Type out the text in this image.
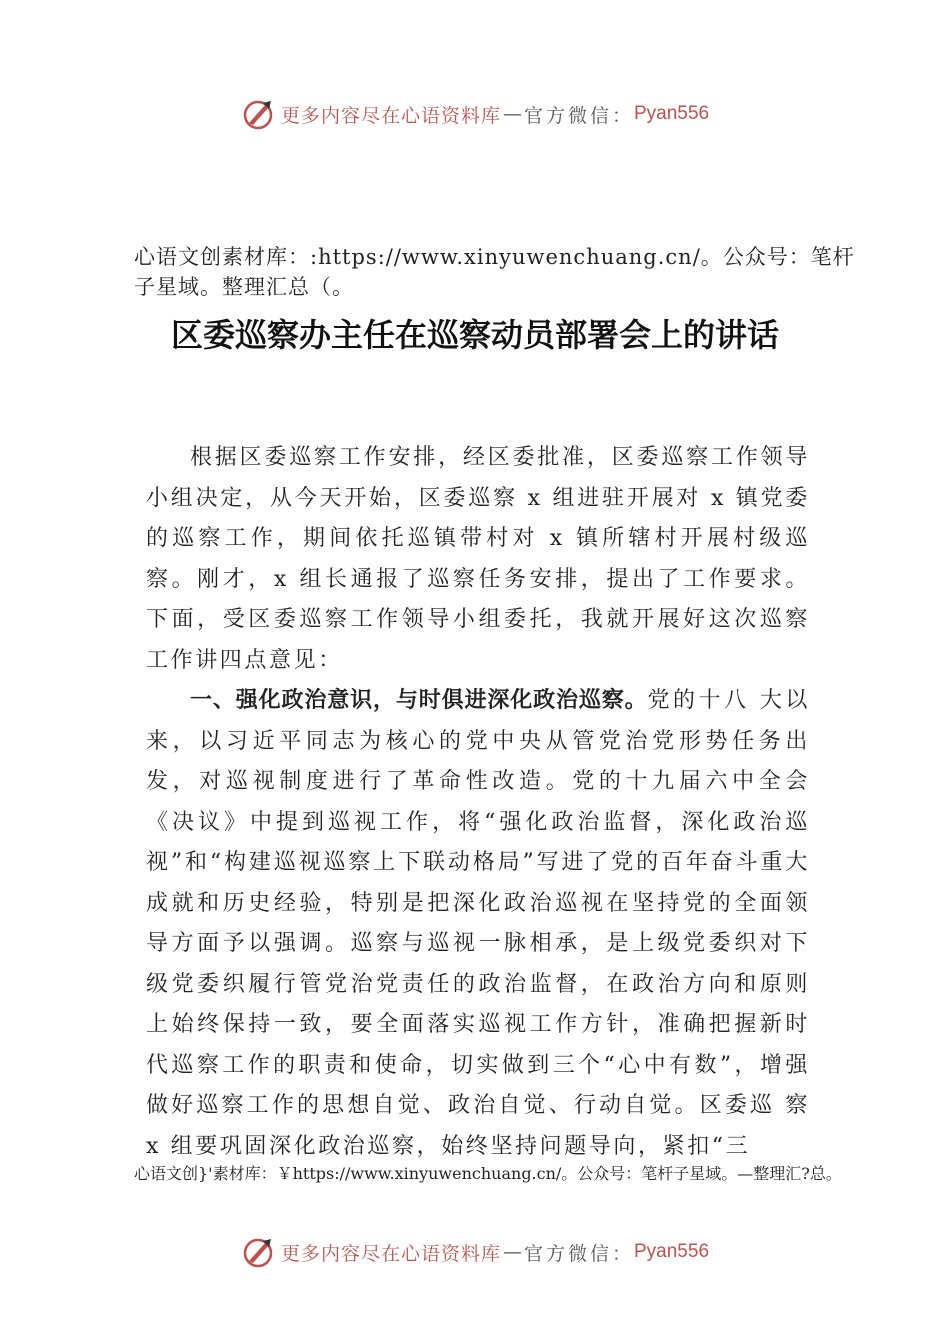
更多内容尽在心语资料库 — 官方微信： Pyan556
心语文创素材库：:https://www.xinyuwenchuang.cn/。公众号：笔杆子星域。整理汇总（。
区委巡察办主任在巡察动员部署会上的讲话

根据区委巡察工作安排，经区委批准，区委巡察工作领导小组决定，从今天开始，区委巡察 x 组进驻开展对 x 镇党委的巡察工作，期间依托巡镇带村对 x 镇所辖村开展村级巡察。刚才，x 组长通报了巡察任务安排，提出了工作要求。下面，受区委巡察工作领导小组委托，我就开展好这次巡察工作讲四点意见：

一、强化政治意识，与时俱进深化政治巡察。党的十八 大以来，以习近平同志为核心的党中央从管党治党形势任务出发，对巡视制度进行了革命性改造。党的十九届六中全会《决议》中提到巡视工作，将“强化政治监督，深化政治巡视”和“构建巡视巡察上下联动格局”写进了党的百年奋斗重大成就和历史经验，特别是把深化政治巡视在坚持党的全面领导方面予以强调。巡察与巡视一脉相承，是上级党委织对下级党委织履行管党治党责任的政治监督，在政治方向和原则上始终保持一致，要全面落实巡视工作方针，准确把握新时代巡察工作的职责和使命，切实做到三个“心中有数”，增强做好巡察工作的思想自觉、政治自觉、行动自觉。区委巡 察 x 组要巩固深化政治巡察，始终坚持问题导向，紧扣“三

心语文创}'素材库：￥https://www.xinyuwenchuang.cn/。公众号：笔杆子星域。—整理汇?总。
更多内容尽在心语资料库 — 官方微信： Pyan556
